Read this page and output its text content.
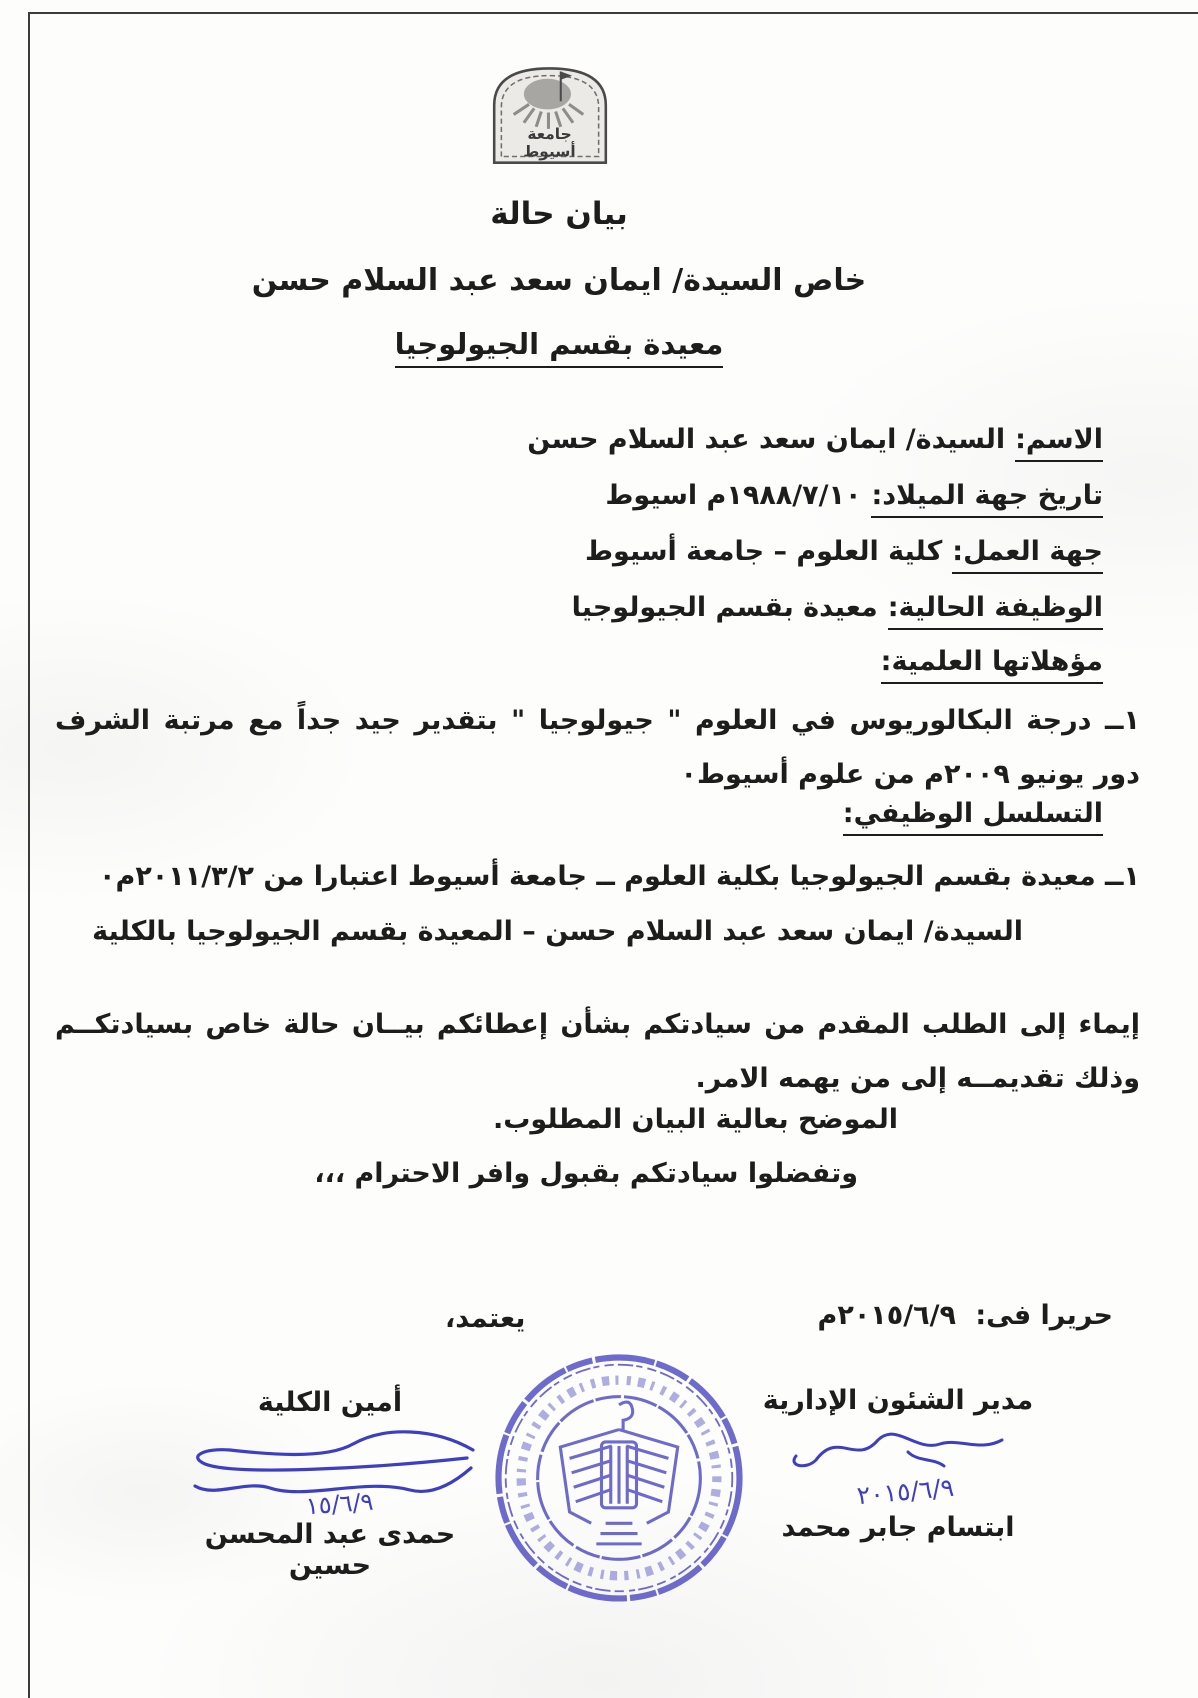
جامعة
أسيوط
بيان حالة
خاص السيدة/ ايمان سعد عبد السلام حسن
معيدة بقسم الجيولوجيا
الاسم:السيدة/ ايمان سعد عبد السلام حسن
تاريخ جهة الميلاد:١٩٨٨/٧/١٠م اسيوط
جهة العمل:كلية العلوم – جامعة أسيوط
الوظيفة الحالية:معيدة بقسم الجيولوجيا
مؤهلاتها العلمية:
١ــ درجة البكالوريوس في العلوم " جيولوجيا " بتقدير جيد جداً مع مرتبة الشرف دور يونيو ٢٠٠٩م من علوم أسيوط٠
التسلسل الوظيفي:
١ــ معيدة بقسم الجيولوجيا بكلية العلوم ــ جامعة أسيوط اعتبارا من ٢٠١١/٣/٢م٠
السيدة/ ايمان سعد عبد السلام حسن – المعيدة بقسم الجيولوجيا بالكلية
إيماء إلى الطلب المقدم من سيادتكم بشأن إعطائكم بيــان حالة خاص بسيادتكــم وذلك تقديمــه إلى من يهمه الامر.
الموضح بعالية البيان المطلوب.
وتفضلوا سيادتكم بقبول وافر الاحترام ،،،
حريرا فى: ٢٠١٥/٦/٩م
يعتمد،
مدير الشئون الإدارية
٢٠١٥/٦/٩
ابتسام جابر محمد
أمين الكلية
١٥/٦/٩
حمدى عبد المحسن حسين
